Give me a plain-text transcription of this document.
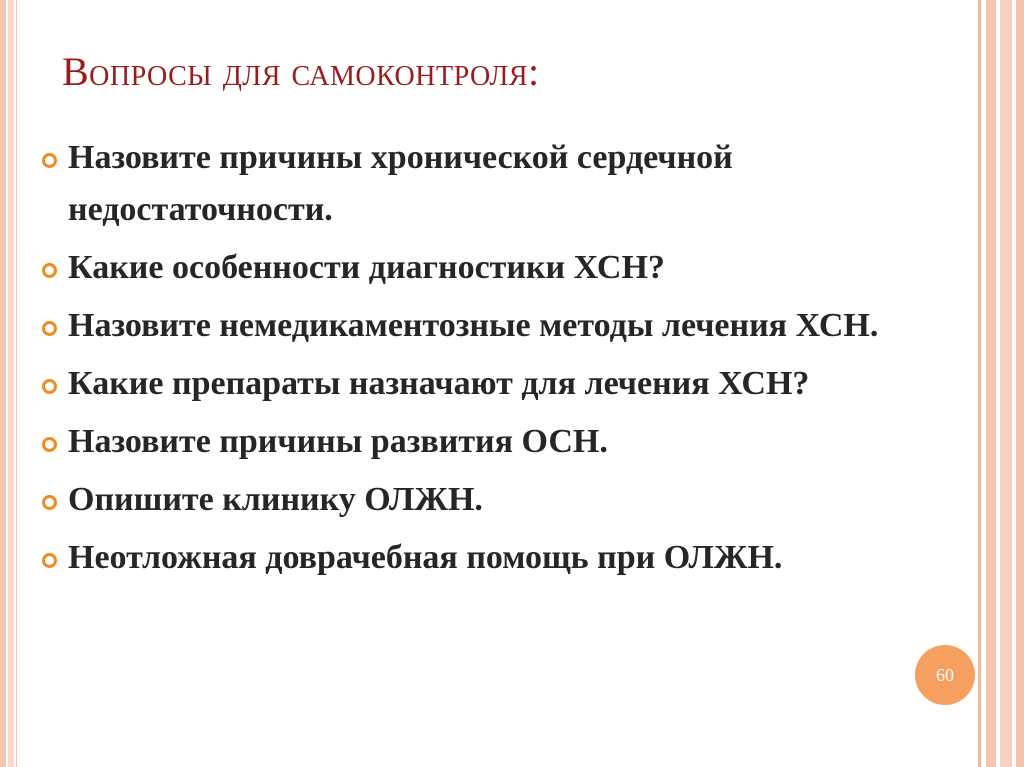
Вопросы для самоконтроля:
Назовите причины хронической сердечной недостаточности.
Какие особенности диагностики ХСН?
Назовите немедикаментозные методы лечения ХСН.
Какие препараты назначают для лечения ХСН?
Назовите причины развития ОСН.
Опишите клинику ОЛЖН.
Неотложная доврачебная помощь при ОЛЖН.
60
